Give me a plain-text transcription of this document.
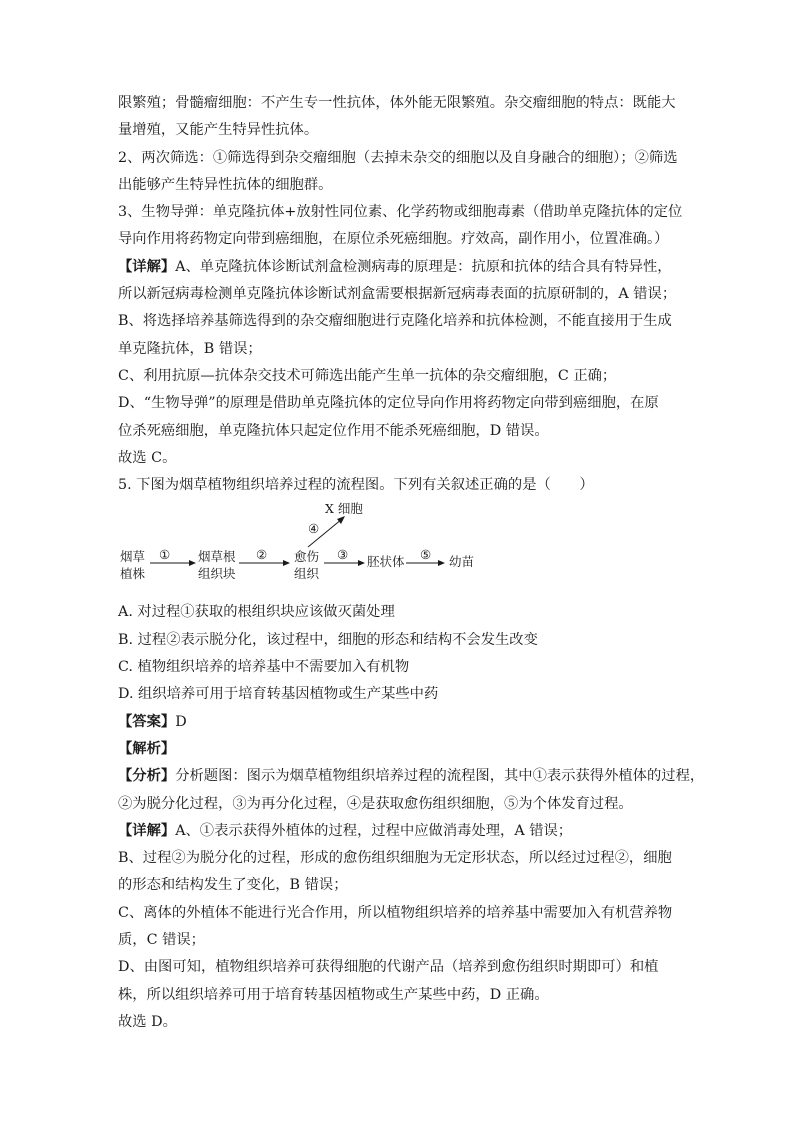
限繁殖；骨髓瘤细胞：不产生专一性抗体，体外能无限繁殖。杂交瘤细胞的特点：既能大
量增殖，又能产生特异性抗体。
2、两次筛选：①筛选得到杂交瘤细胞（去掉未杂交的细胞以及自身融合的细胞）；②筛选
出能够产生特异性抗体的细胞群。
3、生物导弹：单克隆抗体+放射性同位素、化学药物或细胞毒素（借助单克隆抗体的定位
导向作用将药物定向带到癌细胞，在原位杀死癌细胞。疗效高，副作用小，位置准确。）
【详解】A、单克隆抗体诊断试剂盒检测病毒的原理是：抗原和抗体的结合具有特异性，
所以新冠病毒检测单克隆抗体诊断试剂盒需要根据新冠病毒表面的抗原研制的，A 错误；
B、将选择培养基筛选得到的杂交瘤细胞进行克隆化培养和抗体检测，不能直接用于生成
单克隆抗体，B 错误；
C、利用抗原—抗体杂交技术可筛选出能产生单一抗体的杂交瘤细胞，C 正确；
D、“生物导弹”的原理是借助单克隆抗体的定位导向作用将药物定向带到癌细胞，在原
位杀死癌细胞，单克隆抗体只起定位作用不能杀死癌细胞，D 错误。
故选 C。
5. 下图为烟草植物组织培养过程的流程图。下列有关叙述正确的是（　　）
烟草
植株
① 烟草根
组织块
② 愈伤
组织
③ 胚状体 ⑤ 幼苗
④
X 细胞
A. 对过程①获取的根组织块应该做灭菌处理
B. 过程②表示脱分化，该过程中，细胞的形态和结构不会发生改变
C. 植物组织培养的培养基中不需要加入有机物
D. 组织培养可用于培育转基因植物或生产某些中药
【答案】D
【解析】
【分析】分析题图：图示为烟草植物组织培养过程的流程图，其中①表示获得外植体的过程，
②为脱分化过程，③为再分化过程，④是获取愈伤组织细胞，⑤为个体发育过程。
【详解】A、①表示获得外植体的过程，过程中应做消毒处理，A 错误；
B、过程②为脱分化的过程，形成的愈伤组织细胞为无定形状态，所以经过过程②，细胞
的形态和结构发生了变化，B 错误；
C、离体的外植体不能进行光合作用，所以植物组织培养的培养基中需要加入有机营养物
质，C 错误；
D、由图可知，植物组织培养可获得细胞的代谢产品（培养到愈伤组织时期即可）和植
株，所以组织培养可用于培育转基因植物或生产某些中药，D 正确。
故选 D。
